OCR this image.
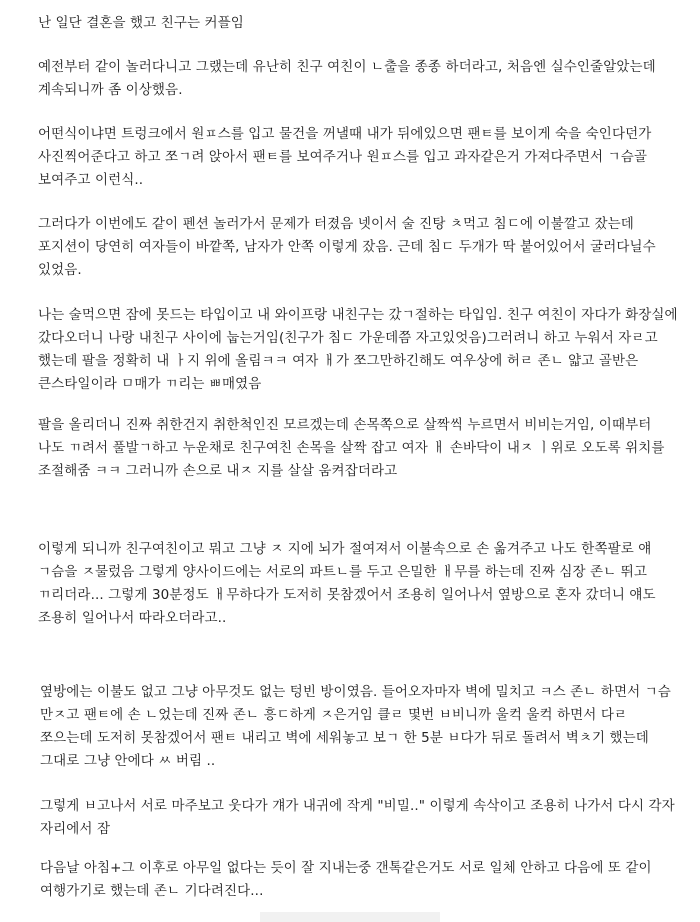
난 일단 결혼을 했고 친구는 커플임

예전부터 같이 놀러다니고 그랬는데 유난히 친구 여친이 ㄴ출을 종종 하더라고, 처음엔 실수인줄알았는데 계속되니까 좀 이상했음.

어떤식이냐면 트렁크에서 원ㅍ스를 입고 물건을 꺼낼때 내가 뒤에있으면 팬ㅌ를 보이게 숙을 숙인다던가 사진찍어준다고 하고 쪼ㄱ려 앉아서 팬ㅌ를 보여주거나 원ㅍ스를 입고 과자같은거 가져다주면서 ㄱ슴골 보여주고 이런식..

그러다가 이번에도 같이 펜션 놀러가서 문제가 터졌음 넷이서 술 진탕 ㅊ먹고 침ㄷ에 이불깔고 잤는데 포지션이 당연히 여자들이 바깥쪽, 남자가 안쪽 이렇게 잤음. 근데 침ㄷ 두개가 딱 붙어있어서 굴러다닐수 있었음.

나는 술먹으면 잠에 못드는 타입이고 내 와이프랑 내친구는 갔ㄱ절하는 타입임. 친구 여친이 자다가 화장실에 갔다오더니 나랑 내친구 사이에 눕는거임(친구가 침ㄷ 가운데쯤 자고있엇음)그러려니 하고 누워서 자ㄹ고 했는데 팔을 정확히 내 ㅏ지 위에 올림ㅋㅋ 여자 ㅐ가 쪼그만하긴해도 여우상에 허ㄹ 존ㄴ 얇고 골반은 큰스타일이라 ㅁ매가 ㄲ리는 ㅃ매였음

팔을 올리더니 진짜 취한건지 취한척인진 모르겠는데 손목쪽으로 살짝씩 누르면서 비비는거임, 이때부터 나도 ㄲ려서 풀발ㄱ하고 누운채로 친구여친 손목을 살짝 잡고 여자 ㅐ 손바닥이 내ㅈ ㅣ위로 오도록 위치를 조절해줌 ㅋㅋ 그러니까 손으로 내ㅈ 지를 살살 움켜잡더라고

이렇게 되니까 친구여친이고 뭐고 그냥 ㅈ 지에 뇌가 절여져서 이불속으로 손 옮겨주고 나도 한쪽팔로 얘 ㄱ슴을 ㅈ물렀음 그렇게 양사이드에는 서로의 파트ㄴ를 두고 은밀한 ㅐ무를 하는데 진짜 심장 존ㄴ 뛰고 ㄲ리더라... 그렇게 30분정도 ㅐ무하다가 도저히 못참겠어서 조용히 일어나서 옆방으로 혼자 갔더니 얘도 조용히 일어나서 따라오더라고..

옆방에는 이불도 없고 그냥 아무것도 없는 텅빈 방이였음. 들어오자마자 벽에 밀치고 ㅋ스 존ㄴ 하면서 ㄱ슴 만ㅈ고 팬ㅌ에 손 ㄴ었는데 진짜 존ㄴ 흥ㄷ하게 ㅈ은거임 클ㄹ 몇번 ㅂ비니까 울컥 울컥 하면서 다ㄹ 쪼으는데 도저히 못참겠어서 팬ㅌ 내리고 벽에 세워놓고 보ㄱ 한 5분 ㅂ다가 뒤로 돌려서 벽ㅊ기 했는데 그대로 그냥 안에다 ㅆ 버림 ..

그렇게 ㅂ고나서 서로 마주보고 웃다가 걔가 내귀에 작게 "비밀.." 이렇게 속삭이고 조용히 나가서 다시 각자 자리에서 잠

다음날 아침+그 이후로 아무일 없다는 듯이 잘 지내는중 갠톡같은거도 서로 일체 안하고 다음에 또 같이 여행가기로 했는데 존ㄴ 기다려진다...
